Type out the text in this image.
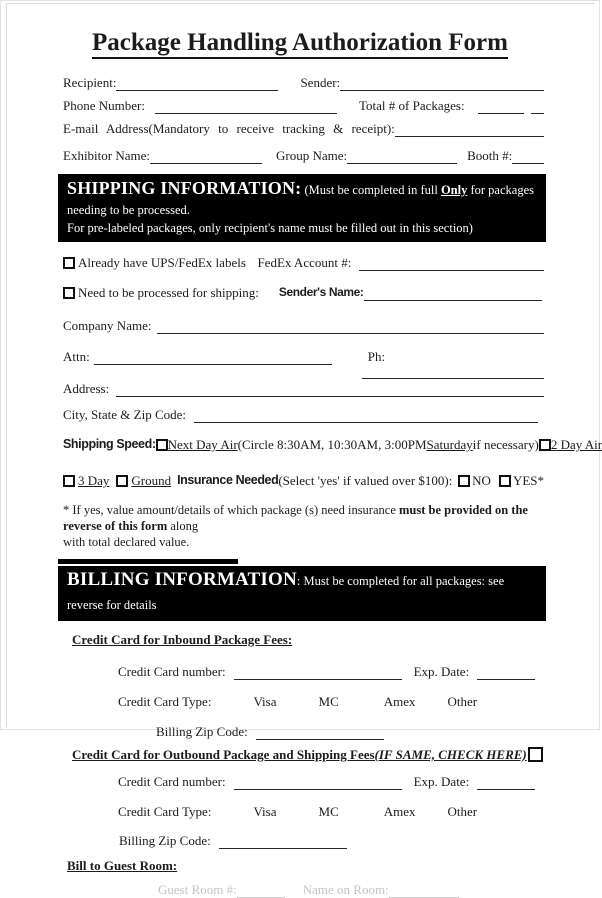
Package Handling Authorization Form
Recipient:	Sender:
Phone Number:	Total # of Packages:
E-mail Address(Mandatory to receive tracking & receipt):
Exhibitor Name:	Group Name:	Booth #:
SHIPPING INFORMATION: (Must be completed in full Only for packages needing to be processed.
For pre-labeled packages, only recipient's name must be filled out in this section)
Already have UPS/FedEx labels FedEx Account #:
Need to be processed for shipping: Sender's Name:
Company Name:
Attn:	Ph:
Address:
City, State & Zip Code:
Shipping Speed: Next Day Air (Circle 8:30AM, 10:30AM, 3:00PM Saturday if necessary) 2 Day Air
3 Day Ground Insurance Needed (Select 'yes' if valued over $100): NO YES*
* If yes, value amount/details of which package (s) need insurance must be provided on the reverse of this form along
with total declared value.
BILLING INFORMATION: Must be completed for all packages: see reverse for details
Credit Card for Inbound Package Fees:
Credit Card number:	Exp. Date:
Credit Card Type:	Visa	MC	Amex Other
Billing Zip Code:
Credit Card for Outbound Package and Shipping Fees (IF SAME, CHECK HERE)
Credit Card number:	Exp. Date:
Credit Card Type:	Visa	MC	Amex Other
Billing Zip Code:
Bill to Guest Room:
Guest Room #:	Name on Room:
